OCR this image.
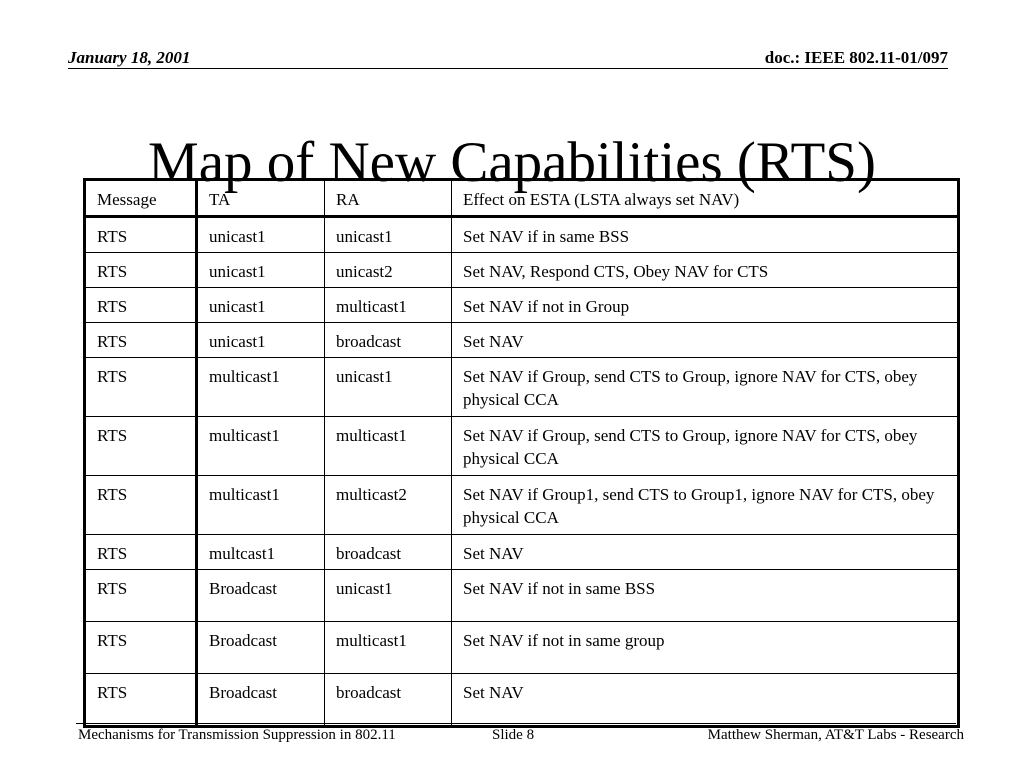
January 18, 2001	doc.: IEEE 802.11-01/097
Map of New Capabilities (RTS)
Message	TA	RA	Effect on ESTA (LSTA always set NAV)
RTS	unicast1	unicast1	Set NAV if in same BSS
RTS	unicast1	unicast2	Set NAV, Respond CTS, Obey NAV for CTS
RTS	unicast1	multicast1	Set NAV if not in Group
RTS	unicast1	broadcast	Set NAV
RTS	multicast1	unicast1	Set NAV if Group, send CTS to Group, ignore NAV for CTS, obey physical CCA
RTS	multicast1	multicast1	Set NAV if Group, send CTS to Group, ignore NAV for CTS, obey physical CCA
RTS	multicast1	multicast2	Set NAV if Group1, send CTS to Group1, ignore NAV for CTS, obey physical CCA
RTS	multcast1	broadcast	Set NAV
RTS	Broadcast	unicast1	Set NAV if not in same BSS
RTS	Broadcast	multicast1	Set NAV if not in same group
RTS	Broadcast	broadcast	Set NAV
Mechanisms for Transmission Suppression in 802.11	Slide 8	Matthew Sherman, AT&T Labs - Research
